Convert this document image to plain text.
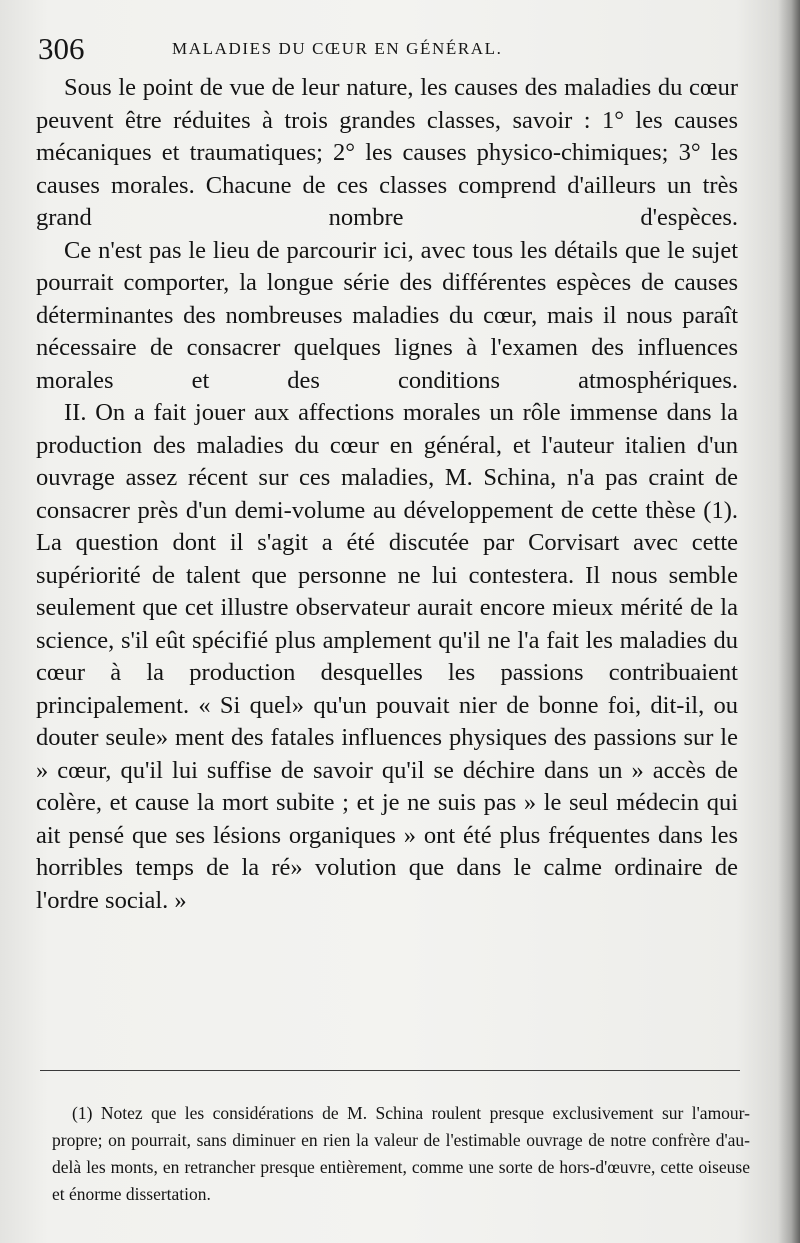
306	MALADIES DU CŒUR EN GÉNÉRAL.

Sous le point de vue de leur nature, les causes des maladies du cœur peuvent être réduites à trois grandes classes, savoir : 1° les causes mécaniques et traumatiques; 2° les causes physico-chimiques; 3° les causes morales. Chacune de ces classes comprend d'ailleurs un très grand nombre d'espèces.

Ce n'est pas le lieu de parcourir ici, avec tous les détails que le sujet pourrait comporter, la longue série des différentes espèces de causes déterminantes des nombreuses maladies du cœur, mais il nous paraît nécessaire de consacrer quelques lignes à l'examen des influences morales et des conditions atmosphériques.

II. On a fait jouer aux affections morales un rôle immense dans la production des maladies du cœur en général, et l'auteur italien d'un ouvrage assez récent sur ces maladies, M. Schina, n'a pas craint de consacrer près d'un demi-volume au développement de cette thèse (1). La question dont il s'agit a été discutée par Corvisart avec cette supériorité de talent que personne ne lui contestera. Il nous semble seulement que cet illustre observateur aurait encore mieux mérité de la science, s'il eût spécifié plus amplement qu'il ne l'a fait les maladies du cœur à la production desquelles les passions contribuaient principalement. « Si quel» qu'un pouvait nier de bonne foi, dit-il, ou douter seule» ment des fatales influences physiques des passions sur le » cœur, qu'il lui suffise de savoir qu'il se déchire dans un » accès de colère, et cause la mort subite ; et je ne suis pas » le seul médecin qui ait pensé que ses lésions organiques » ont été plus fréquentes dans les horribles temps de la ré» volution que dans le calme ordinaire de l'ordre social. »

(1) Notez que les considérations de M. Schina roulent presque exclusivement sur l'amour-propre; on pourrait, sans diminuer en rien la valeur de l'estimable ouvrage de notre confrère d'au-delà les monts, en retrancher presque entièrement, comme une sorte de hors-d'œuvre, cette oiseuse et énorme dissertation.
